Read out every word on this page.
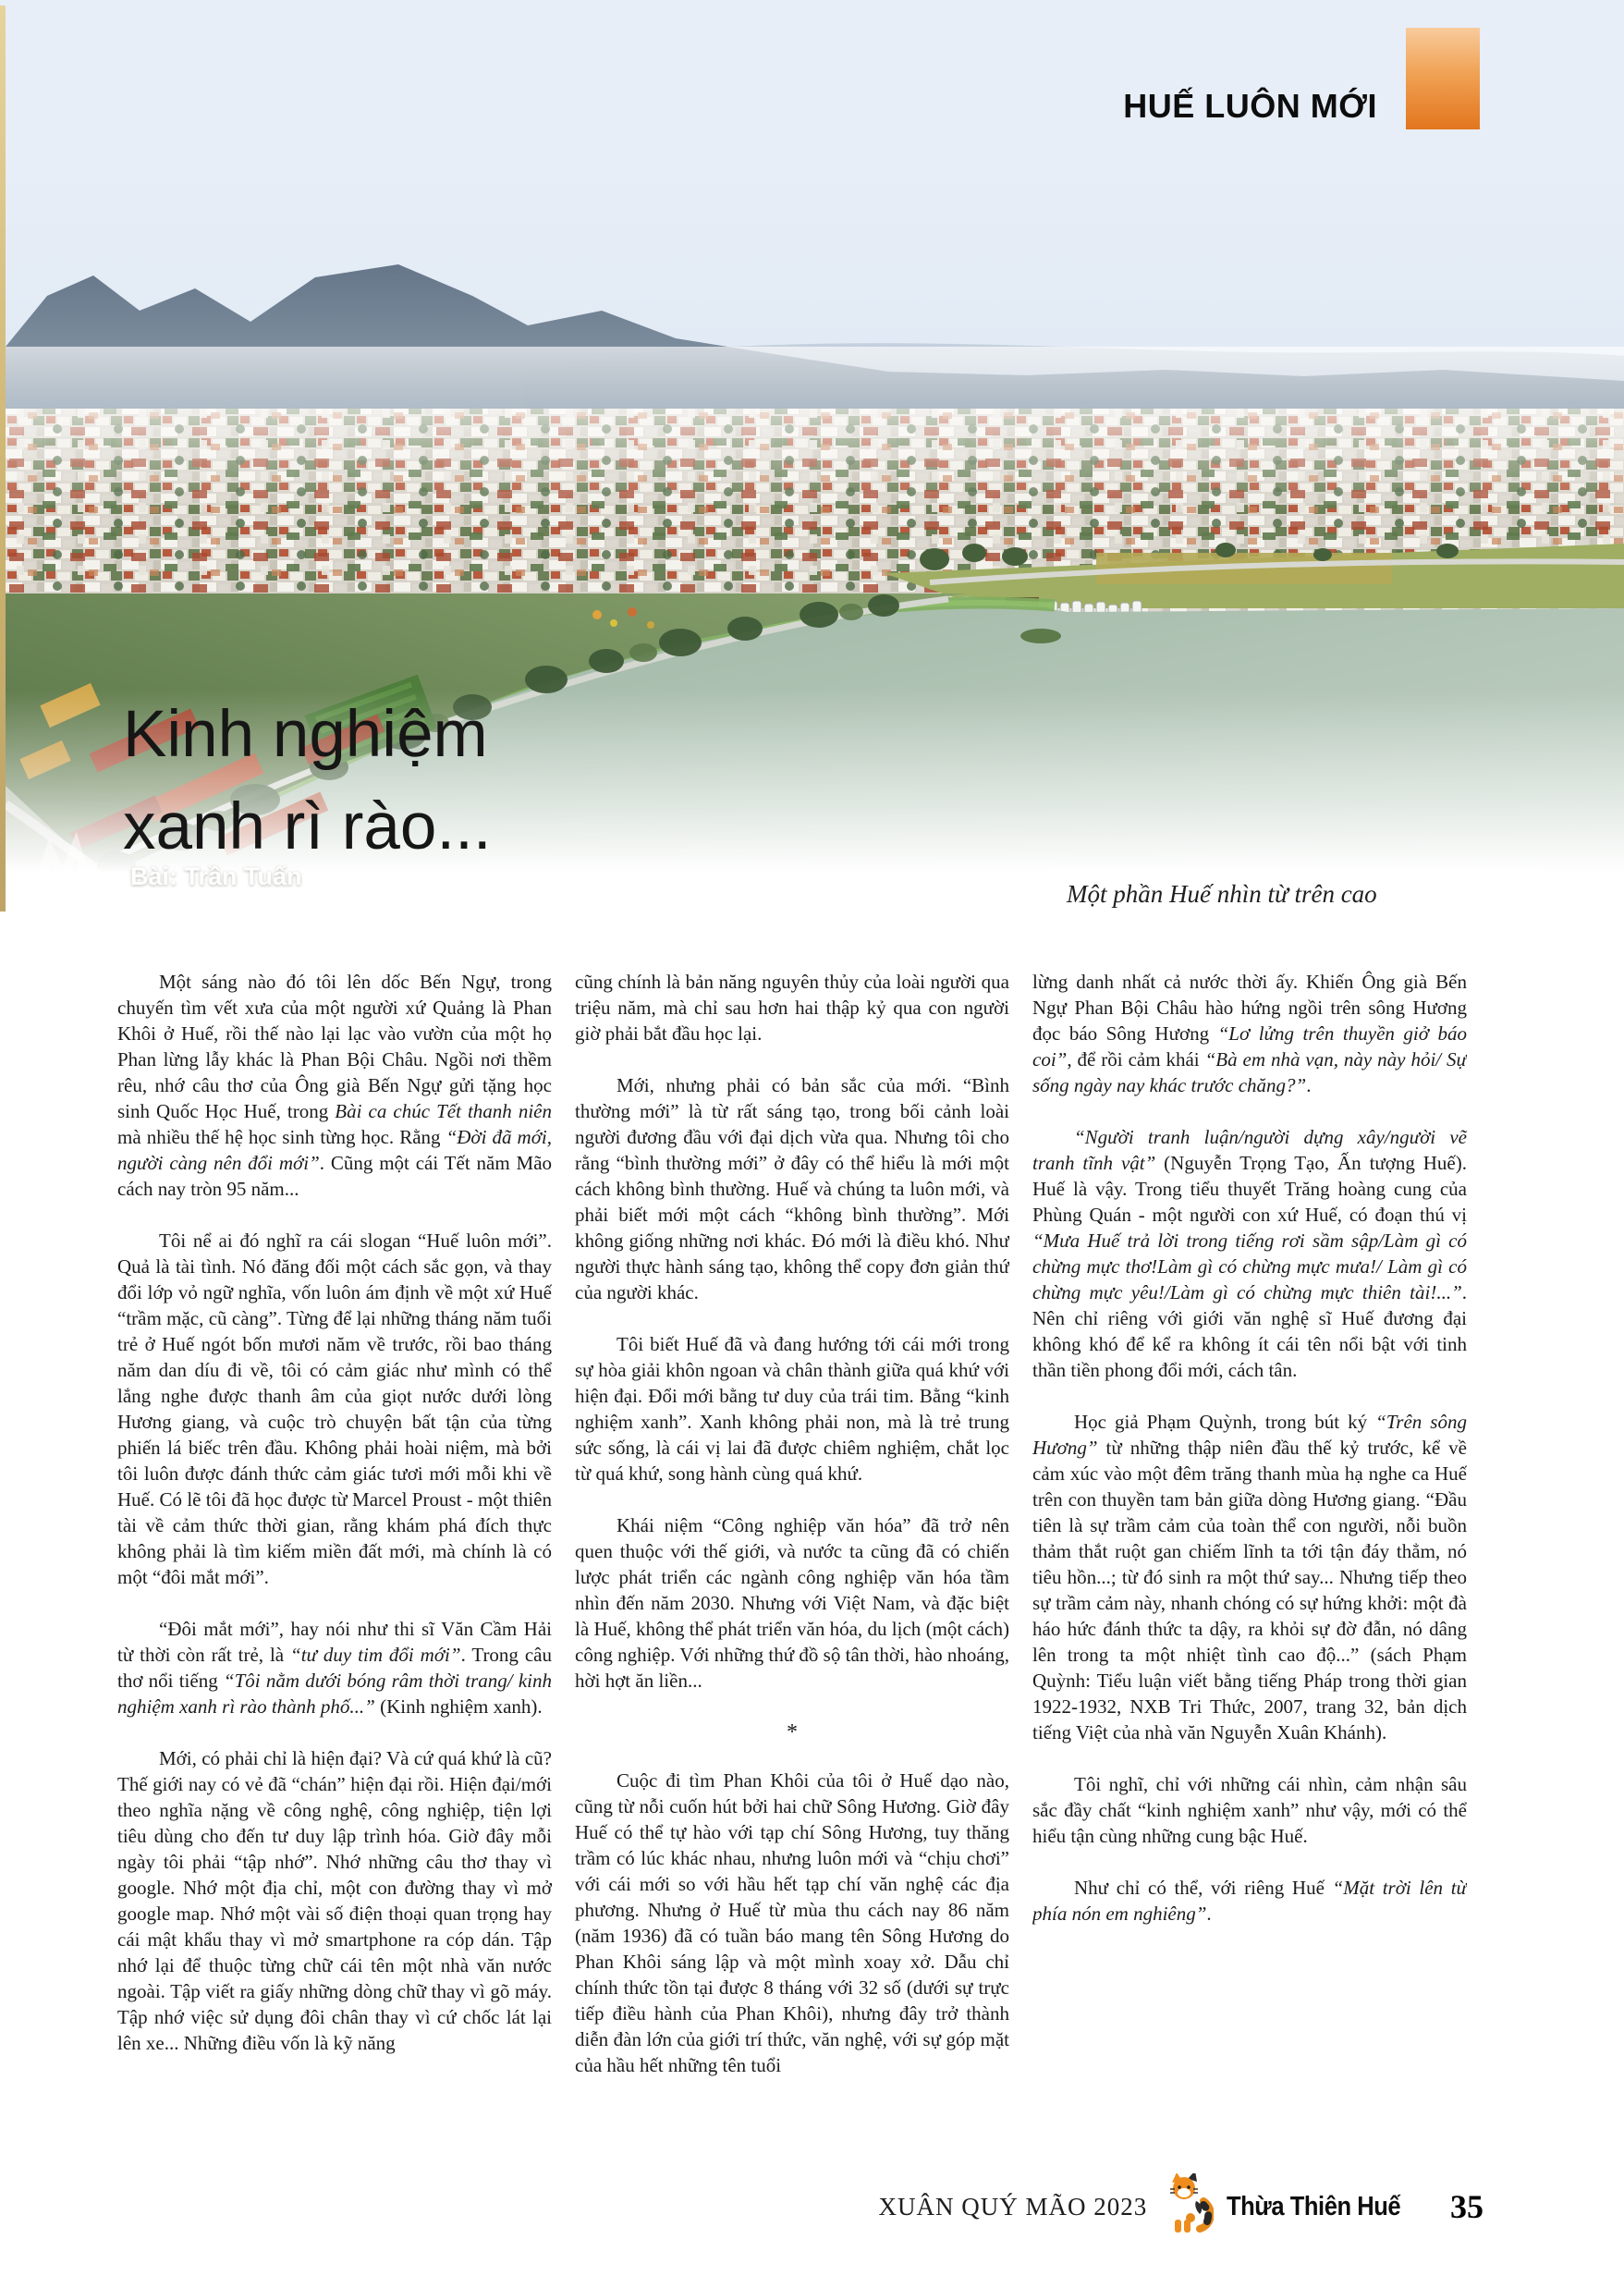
HUẾ LUÔN MỚI
Kinh nghiệm
xanh rì rào...
Bài: Trần Tuấn
Một phần Huế nhìn từ trên cao

Một sáng nào đó tôi lên dốc Bến Ngự, trong chuyến tìm vết xưa của một người xứ Quảng là Phan Khôi ở Huế, rồi thế nào lại lạc vào vườn của một họ Phan lừng lẫy khác là Phan Bội Châu. Ngồi nơi thềm rêu, nhớ câu thơ của Ông già Bến Ngự gửi tặng học sinh Quốc Học Huế, trong Bài ca chúc Tết thanh niên mà nhiều thế hệ học sinh từng học. Rằng “Đời đã mới, người càng nên đổi mới”. Cũng một cái Tết năm Mão cách nay tròn 95 năm...

Tôi nể ai đó nghĩ ra cái slogan “Huế luôn mới”. Quả là tài tình. Nó đăng đối một cách sắc gọn, và thay đổi lớp vỏ ngữ nghĩa, vốn luôn ám định về một xứ Huế “trầm mặc, cũ càng”. Từng để lại những tháng năm tuổi trẻ ở Huế ngót bốn mươi năm về trước, rồi bao tháng năm dan díu đi về, tôi có cảm giác như mình có thể lắng nghe được thanh âm của giọt nước dưới lòng Hương giang, và cuộc trò chuyện bất tận của từng phiến lá biếc trên đầu. Không phải hoài niệm, mà bởi tôi luôn được đánh thức cảm giác tươi mới mỗi khi về Huế. Có lẽ tôi đã học được từ Marcel Proust - một thiên tài về cảm thức thời gian, rằng khám phá đích thực không phải là tìm kiếm miền đất mới, mà chính là có một “đôi mắt mới”.

“Đôi mắt mới”, hay nói như thi sĩ Văn Cầm Hải từ thời còn rất trẻ, là “tư duy tim đổi mới”. Trong câu thơ nổi tiếng “Tôi nằm dưới bóng râm thời trang/ kinh nghiệm xanh rì rào thành phố...” (Kinh nghiệm xanh).

Mới, có phải chỉ là hiện đại? Và cứ quá khứ là cũ? Thế giới nay có vẻ đã “chán” hiện đại rồi. Hiện đại/mới theo nghĩa nặng về công nghệ, công nghiệp, tiện lợi tiêu dùng cho đến tư duy lập trình hóa. Giờ đây mỗi ngày tôi phải “tập nhớ”. Nhớ những câu thơ thay vì google. Nhớ một địa chỉ, một con đường thay vì mở google map. Nhớ một vài số điện thoại quan trọng hay cái mật khẩu thay vì mở smartphone ra cóp dán. Tập nhớ lại để thuộc từng chữ cái tên một nhà văn nước ngoài. Tập viết ra giấy những dòng chữ thay vì gõ máy. Tập nhớ việc sử dụng đôi chân thay vì cứ chốc lát lại lên xe... Những điều vốn là kỹ năng

cũng chính là bản năng nguyên thủy của loài người qua triệu năm, mà chỉ sau hơn hai thập kỷ qua con người giờ phải bắt đầu học lại.

Mới, nhưng phải có bản sắc của mới. “Bình thường mới” là từ rất sáng tạo, trong bối cảnh loài người đương đầu với đại dịch vừa qua. Nhưng tôi cho rằng “bình thường mới” ở đây có thể hiểu là mới một cách không bình thường. Huế và chúng ta luôn mới, và phải biết mới một cách “không bình thường”. Mới không giống những nơi khác. Đó mới là điều khó. Như người thực hành sáng tạo, không thể copy đơn giản thứ của người khác.

Tôi biết Huế đã và đang hướng tới cái mới trong sự hòa giải khôn ngoan và chân thành giữa quá khứ với hiện đại. Đổi mới bằng tư duy của trái tim. Bằng “kinh nghiệm xanh”. Xanh không phải non, mà là trẻ trung sức sống, là cái vị lai đã được chiêm nghiệm, chắt lọc từ quá khứ, song hành cùng quá khứ.

Khái niệm “Công nghiệp văn hóa” đã trở nên quen thuộc với thế giới, và nước ta cũng đã có chiến lược phát triển các ngành công nghiệp văn hóa tầm nhìn đến năm 2030. Nhưng với Việt Nam, và đặc biệt là Huế, không thể phát triển văn hóa, du lịch (một cách) công nghiệp. Với những thứ đồ sộ tân thời, hào nhoáng, hời hợt ăn liền...

*

Cuộc đi tìm Phan Khôi của tôi ở Huế dạo nào, cũng từ nỗi cuốn hút bởi hai chữ Sông Hương. Giờ đây Huế có thể tự hào với tạp chí Sông Hương, tuy thăng trầm có lúc khác nhau, nhưng luôn mới và “chịu chơi” với cái mới so với hầu hết tạp chí văn nghệ các địa phương. Nhưng ở Huế từ mùa thu cách nay 86 năm (năm 1936) đã có tuần báo mang tên Sông Hương do Phan Khôi sáng lập và một mình xoay xở. Dẫu chỉ chính thức tồn tại được 8 tháng với 32 số (dưới sự trực tiếp điều hành của Phan Khôi), nhưng đây trở thành diễn đàn lớn của giới trí thức, văn nghệ, với sự góp mặt của hầu hết những tên tuổi

lừng danh nhất cả nước thời ấy. Khiến Ông già Bến Ngự Phan Bội Châu hào hứng ngồi trên sông Hương đọc báo Sông Hương “Lơ lửng trên thuyền giở báo coi”, để rồi cảm khái “Bà em nhà vạn, này này hỏi/ Sự sống ngày nay khác trước chăng?”.

“Người tranh luận/người dựng xây/người vẽ tranh tĩnh vật” (Nguyễn Trọng Tạo, Ấn tượng Huế). Huế là vậy. Trong tiểu thuyết Trăng hoàng cung của Phùng Quán - một người con xứ Huế, có đoạn thú vị “Mưa Huế trả lời trong tiếng rơi sầm sập/Làm gì có chừng mực thơ!Làm gì có chừng mực mưa!/ Làm gì có chừng mực yêu!/Làm gì có chừng mực thiên tài!...”. Nên chỉ riêng với giới văn nghệ sĩ Huế đương đại không khó để kể ra không ít cái tên nổi bật với tinh thần tiền phong đổi mới, cách tân.

Học giả Phạm Quỳnh, trong bút ký “Trên sông Hương” từ những thập niên đầu thế kỷ trước, kể về cảm xúc vào một đêm trăng thanh mùa hạ nghe ca Huế trên con thuyền tam bản giữa dòng Hương giang. “Đầu tiên là sự trầm cảm của toàn thể con người, nỗi buồn thảm thắt ruột gan chiếm lĩnh ta tới tận đáy thẳm, nó tiêu hồn...; từ đó sinh ra một thứ say... Nhưng tiếp theo sự trầm cảm này, nhanh chóng có sự hứng khởi: một đà háo hức đánh thức ta dậy, ra khỏi sự đờ đẫn, nó dâng lên trong ta một nhiệt tình cao độ...” (sách Phạm Quỳnh: Tiểu luận viết bằng tiếng Pháp trong thời gian 1922-1932, NXB Tri Thức, 2007, trang 32, bản dịch tiếng Việt của nhà văn Nguyễn Xuân Khánh).

Tôi nghĩ, chỉ với những cái nhìn, cảm nhận sâu sắc đầy chất “kinh nghiệm xanh” như vậy, mới có thể hiểu tận cùng những cung bậc Huế.

Như chỉ có thể, với riêng Huế “Mặt trời lên từ phía nón em nghiêng”.

XUÂN QUÝ MÃO 2023	Thừa Thiên Huế 35
